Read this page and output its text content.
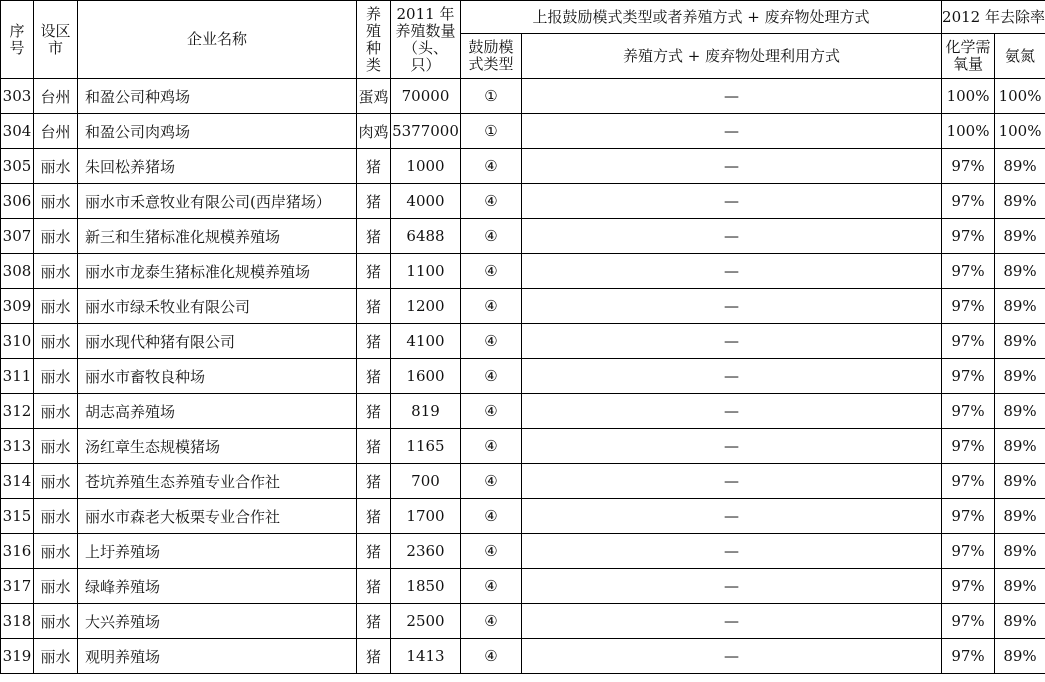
序号	设区市	企业名称	养殖种类	2011 年养殖数量（头、只）	上报鼓励模式类型或者养殖方式 + 废弃物处理方式		2012 年去除率	
					鼓励模式类型	养殖方式 + 废弃物处理利用方式	化学需氧量	氨氮
303	台州	和盈公司种鸡场	蛋鸡	70000	①	—	100%	100%
304	台州	和盈公司肉鸡场	肉鸡	5377000	①	—	100%	100%
305	丽水	朱回松养猪场	猪	1000	④	—	97%	89%
306	丽水	丽水市禾意牧业有限公司(西岸猪场）	猪	4000	④	—	97%	89%
307	丽水	新三和生猪标准化规模养殖场	猪	6488	④	—	97%	89%
308	丽水	丽水市龙泰生猪标准化规模养殖场	猪	1100	④	—	97%	89%
309	丽水	丽水市绿禾牧业有限公司	猪	1200	④	—	97%	89%
310	丽水	丽水现代种猪有限公司	猪	4100	④	—	97%	89%
311	丽水	丽水市畜牧良种场	猪	1600	④	—	97%	89%
312	丽水	胡志高养殖场	猪	819	④	—	97%	89%
313	丽水	汤红章生态规模猪场	猪	1165	④	—	97%	89%
314	丽水	苍坑养殖生态养殖专业合作社	猪	700	④	—	97%	89%
315	丽水	丽水市森老大板栗专业合作社	猪	1700	④	—	97%	89%
316	丽水	上圩养殖场	猪	2360	④	—	97%	89%
317	丽水	绿峰养殖场	猪	1850	④	—	97%	89%
318	丽水	大兴养殖场	猪	2500	④	—	97%	89%
319	丽水	观明养殖场	猪	1413	④	—	97%	89%
